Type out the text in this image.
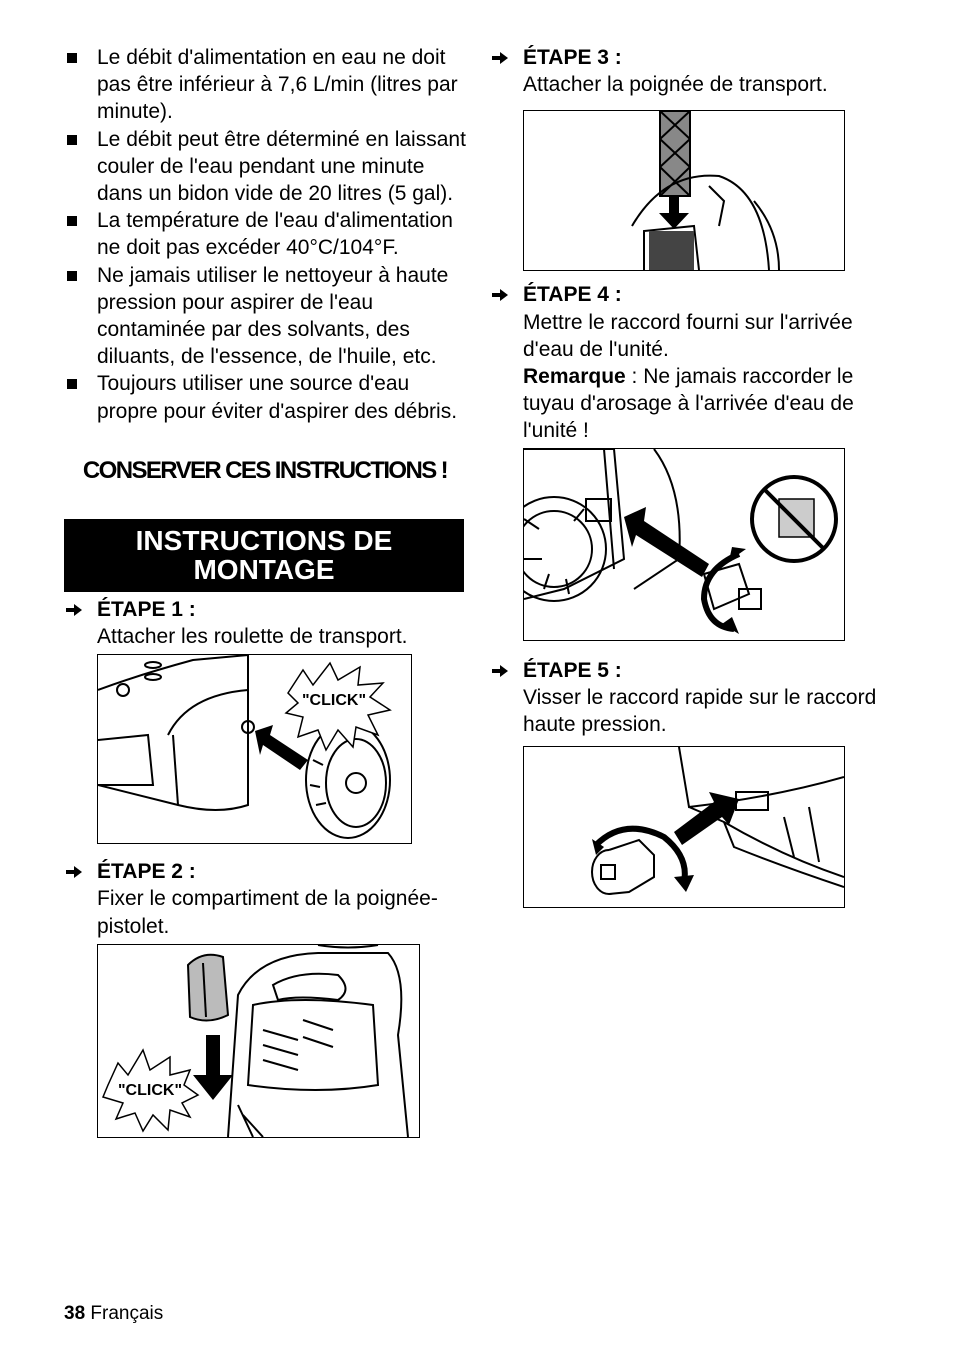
Le débit d'alimentation en eau ne doit pas être inférieur à 7,6 L/min (litres par minute).
Le débit peut être déterminé en laissant couler de l'eau pendant une minute dans un bidon vide de 20 litres (5 gal).
La température de l'eau d'alimentation ne doit pas excéder 40°C/104°F.
Ne jamais utiliser le nettoyeur à haute pression pour aspirer de l'eau contaminée par des solvants, des diluants, de l'essence, de l'huile, etc.
Toujours utiliser une source d'eau propre pour éviter d'aspirer des débris.
CONSERVER CES INSTRUCTIONS !
INSTRUCTIONS DE
MONTAGE
ÉTAPE 1 :
Attacher les roulette de transport.
"CLICK"
ÉTAPE 2 :
Fixer le compartiment de la poignée-pistolet.
"CLICK"
ÉTAPE 3 :
Attacher la poignée de transport.
ÉTAPE 4 :
Mettre le raccord fourni sur l'arrivée d'eau de l'unité.
Remarque : Ne jamais raccorder le tuyau d'arosage à l'arrivée d'eau de l'unité !
ÉTAPE 5 :
Visser le raccord rapide sur le raccord haute pression.
38 Français
